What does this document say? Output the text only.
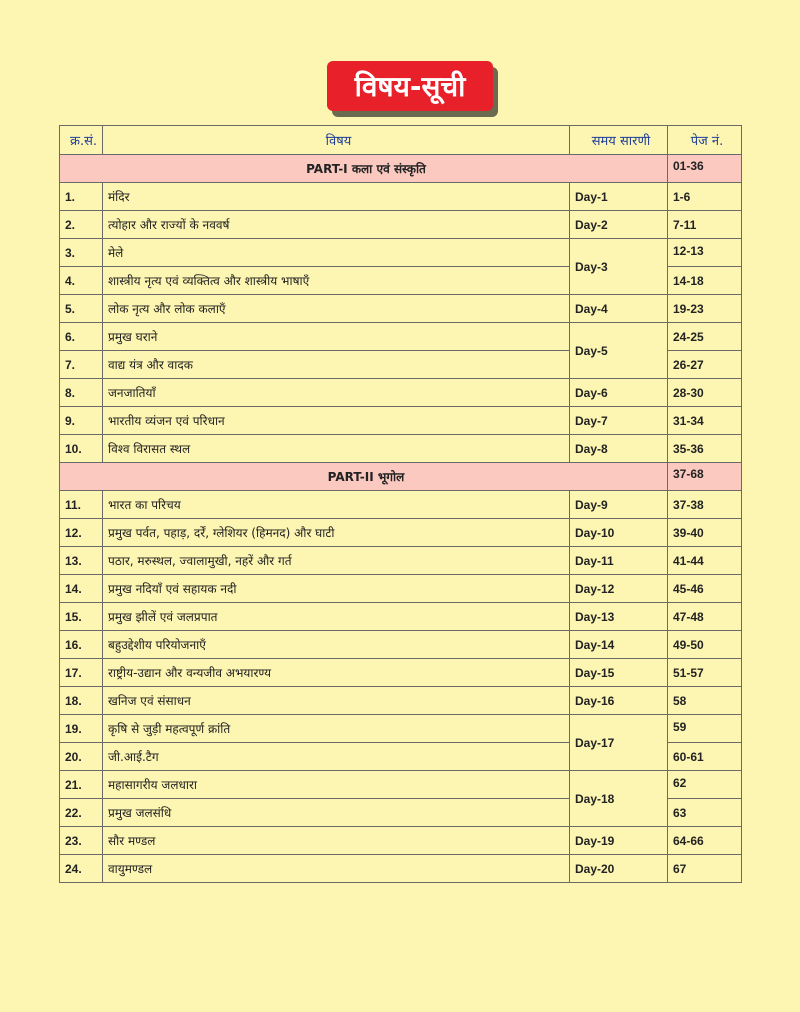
विषय-सूची
क्र.सं.	विषय	समय सारणी	पेज नं.
PART-I कला एवं संस्कृति			01-36
1.	मंदिर	Day-1	1-6
2.	त्योहार और राज्यों के नववर्ष	Day-2	7-11
3.	मेले	Day-3	12-13
4.	शास्त्रीय नृत्य एवं व्यक्तित्व और शास्त्रीय भाषाएँ		14-18
5.	लोक नृत्य और लोक कलाएँ	Day-4	19-23
6.	प्रमुख घराने	Day-5	24-25
7.	वाद्य यंत्र और वादक		26-27
8.	जनजातियाँ	Day-6	28-30
9.	भारतीय व्यंजन एवं परिधान	Day-7	31-34
10.	विश्व विरासत स्थल	Day-8	35-36
PART-II भूगोल			37-68
11.	भारत का परिचय	Day-9	37-38
12.	प्रमुख पर्वत, पहाड़, दर्रें, ग्लेशियर (हिमनद) और घाटी	Day-10	39-40
13.	पठार, मरुस्थल, ज्वालामुखी, नहरें और गर्त	Day-11	41-44
14.	प्रमुख नदियाँ एवं सहायक नदी	Day-12	45-46
15.	प्रमुख झीलें एवं जलप्रपात	Day-13	47-48
16.	बहुउद्देशीय परियोजनाएँ	Day-14	49-50
17.	राष्ट्रीय-उद्यान और वन्यजीव अभयारण्य	Day-15	51-57
18.	खनिज एवं संसाधन	Day-16	58
19.	कृषि से जुड़ी महत्वपूर्ण क्रांति	Day-17	59
20.	जी.आई.टैग		60-61
21.	महासागरीय जलधारा	Day-18	62
22.	प्रमुख जलसंधि		63
23.	सौर मण्डल	Day-19	64-66
24.	वायुमण्डल	Day-20	67
